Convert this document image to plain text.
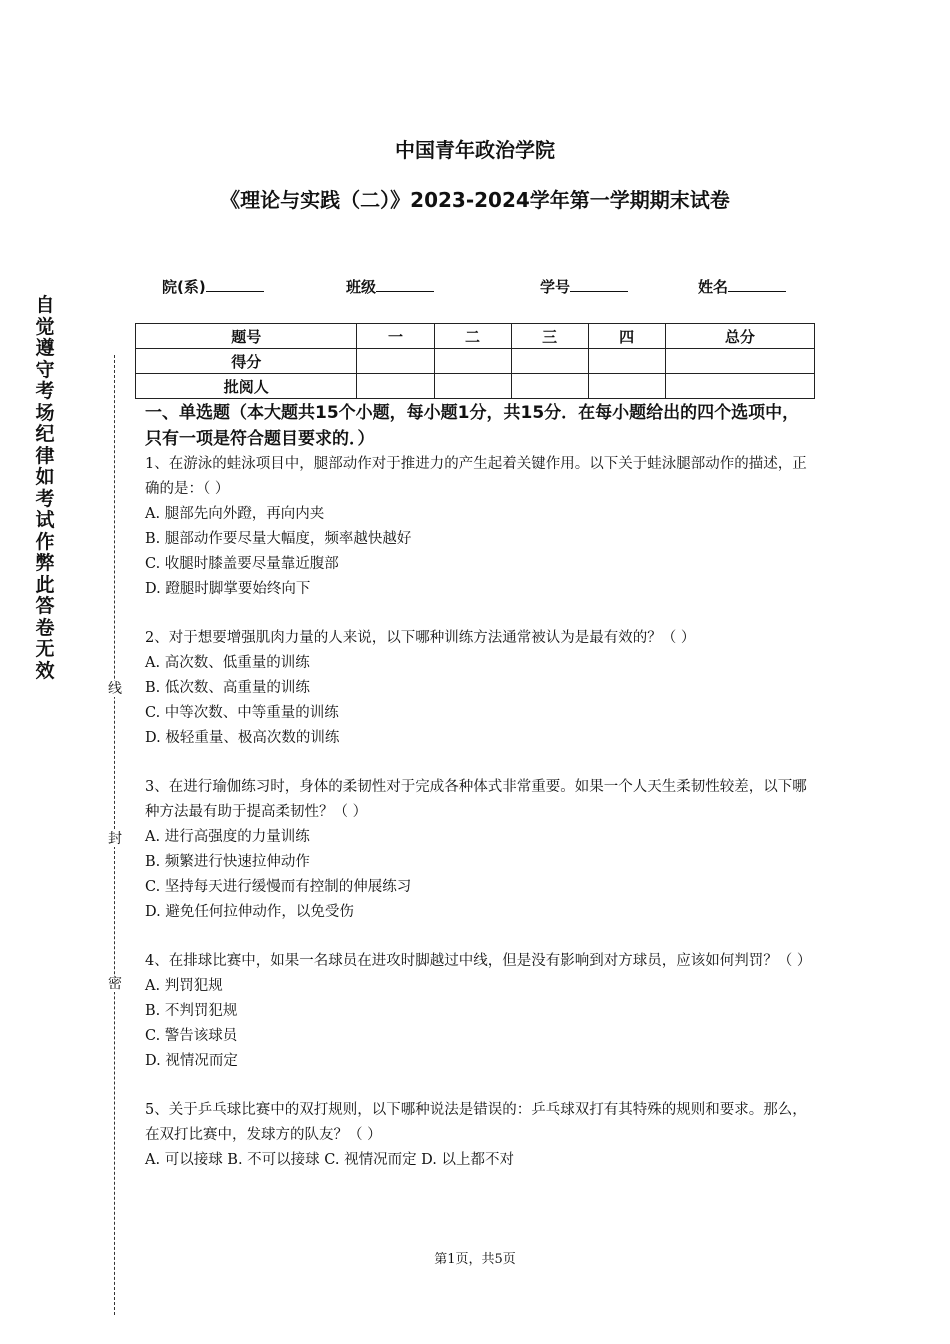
中国青年政治学院
《理论与实践（二）》2023-2024学年第一学期期末试卷
院(系)	班级	学号	姓名
题号	一	二	三	四	总分
得分					
批阅人					
自
觉
遵
守
考
场
纪
律
如
考
试
作
弊
此
答
卷
无
效
线
封
密
一、单选题（本大题共15个小题，每小题1分，共15分．在每小题给出的四个选项中，只有一项是符合题目要求的．）
1、在游泳的蛙泳项目中，腿部动作对于推进力的产生起着关键作用。以下关于蛙泳腿部动作的描述，正确的是：（ ）
A. 腿部先向外蹬，再向内夹
B. 腿部动作要尽量大幅度，频率越快越好
C. 收腿时膝盖要尽量靠近腹部
D. 蹬腿时脚掌要始终向下
2、对于想要增强肌肉力量的人来说，以下哪种训练方法通常被认为是最有效的？（ ）
A. 高次数、低重量的训练
B. 低次数、高重量的训练
C. 中等次数、中等重量的训练
D. 极轻重量、极高次数的训练
3、在进行瑜伽练习时，身体的柔韧性对于完成各种体式非常重要。如果一个人天生柔韧性较差，以下哪种方法最有助于提高柔韧性？（ ）
A. 进行高强度的力量训练
B. 频繁进行快速拉伸动作
C. 坚持每天进行缓慢而有控制的伸展练习
D. 避免任何拉伸动作，以免受伤
4、在排球比赛中，如果一名球员在进攻时脚越过中线，但是没有影响到对方球员，应该如何判罚？（ ）
A. 判罚犯规
B. 不判罚犯规
C. 警告该球员
D. 视情况而定
5、关于乒乓球比赛中的双打规则，以下哪种说法是错误的：乒乓球双打有其特殊的规则和要求。那么，在双打比赛中，发球方的队友？（ ）
A. 可以接球 B. 不可以接球 C. 视情况而定 D. 以上都不对
第1页，共5页
